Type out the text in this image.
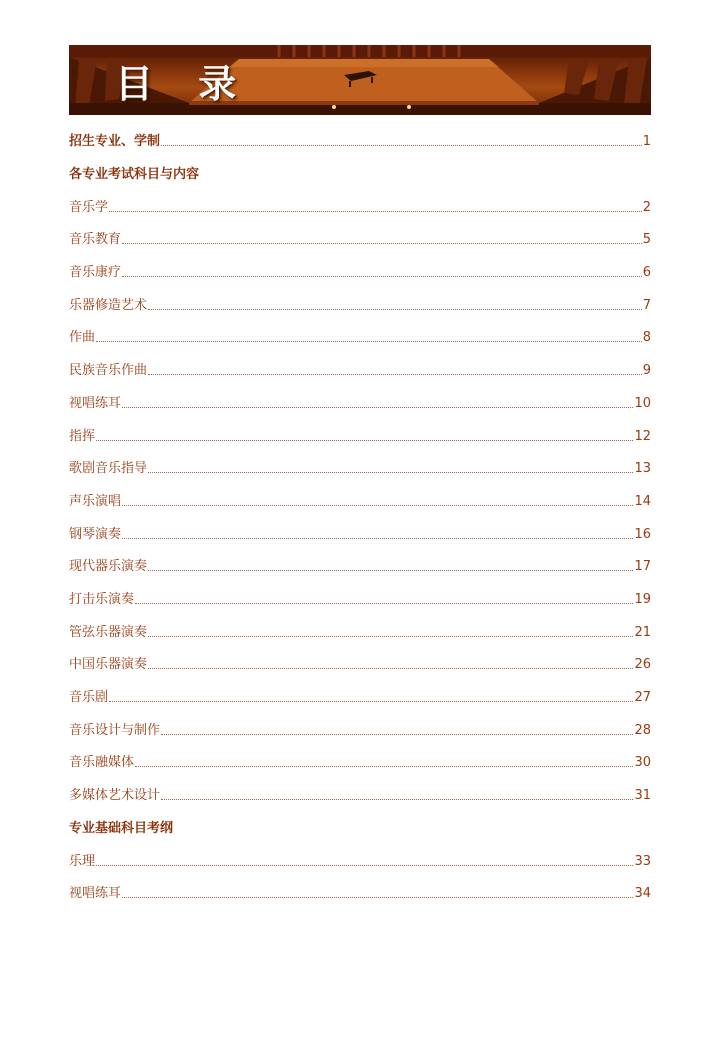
目 录
招生专业、学制	1
各专业考试科目与内容
音乐学	2
音乐教育	5
音乐康疗	6
乐器修造艺术	7
作曲	8
民族音乐作曲	9
视唱练耳	10
指挥	12
歌剧音乐指导	13
声乐演唱	14
钢琴演奏	16
现代器乐演奏	17
打击乐演奏	19
管弦乐器演奏	21
中国乐器演奏	26
音乐剧	27
音乐设计与制作	28
音乐融媒体	30
多媒体艺术设计	31
专业基础科目考纲
乐理	33
视唱练耳	34
